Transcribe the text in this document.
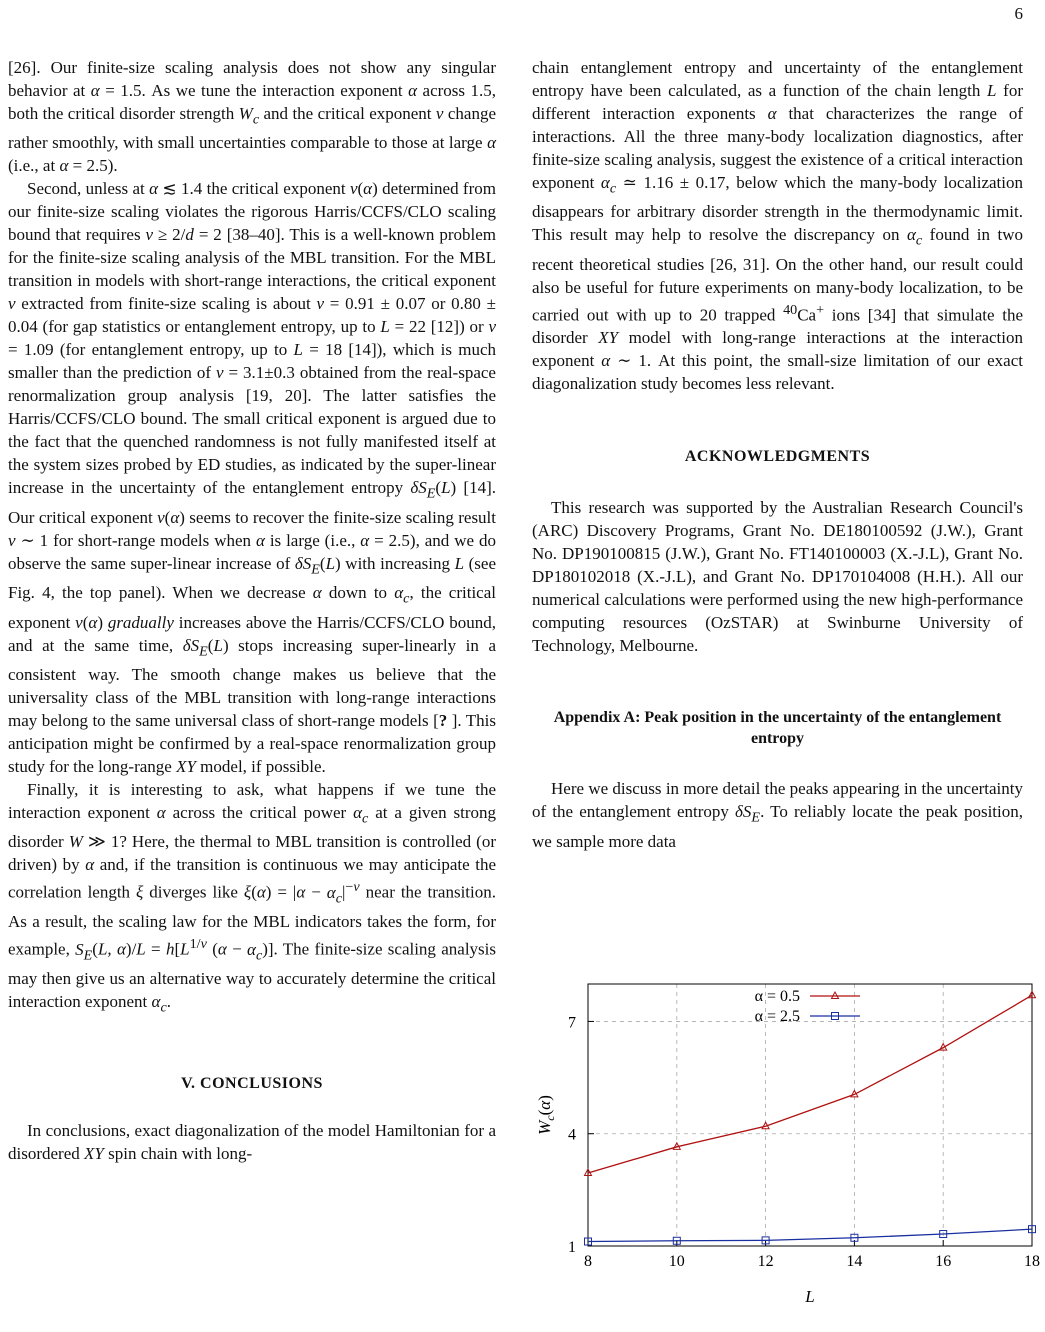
6

[26]. Our finite-size scaling analysis does not show any singular behavior at α = 1.5. As we tune the interaction exponent α across 1.5, both the critical disorder strength $W_c$ and the critical exponent ν change rather smoothly, with small uncertainties comparable to those at large α (i.e., at α = 2.5).

Second, unless at α ≲ 1.4 the critical exponent ν(α) determined from our finite-size scaling violates the rigorous Harris/CCFS/CLO scaling bound that requires ν ≥ 2/d = 2 [38–40]. This is a well-known problem for the finite-size scaling analysis of the MBL transition. For the MBL transition in models with short-range interactions, the critical exponent ν extracted from finite-size scaling is about ν = 0.91 ± 0.07 or 0.80 ± 0.04 (for gap statistics or entanglement entropy, up to L = 22 [12]) or ν = 1.09 (for entanglement entropy, up to L = 18 [14]), which is much smaller than the prediction of ν = 3.1±0.3 obtained from the real-space renormalization group analysis [19, 20]. The latter satisfies the Harris/CCFS/CLO bound. The small critical exponent is argued due to the fact that the quenched randomness is not fully manifested itself at the system sizes probed by ED studies, as indicated by the super-linear increase in the uncertainty of the entanglement entropy $\delta S_E(L)$ [14]. Our critical exponent ν(α) seems to recover the finite-size scaling result ν ∼ 1 for short-range models when α is large (i.e., α = 2.5), and we do observe the same super-linear increase of $\delta S_E(L)$ with increasing L (see Fig. 4, the top panel). When we decrease α down to $\alpha_c$, the critical exponent ν(α) gradually increases above the Harris/CCFS/CLO bound, and at the same time, $\delta S_E(L)$ stops increasing super-linearly in a consistent way. The smooth change makes us believe that the universality class of the MBL transition with long-range interactions may belong to the same universal class of short-range models [? ]. This anticipation might be confirmed by a real-space renormalization group study for the long-range XY model, if possible.

Finally, it is interesting to ask, what happens if we tune the interaction exponent α across the critical power $\alpha_c$ at a given strong disorder W ≫ 1? Here, the thermal to MBL transition is controlled (or driven) by α and, if the transition is continuous we may anticipate the correlation length ξ diverges like $\xi(\alpha) = |\alpha - \alpha_c|^{-\nu}$ near the transition. As a result, the scaling law for the MBL indicators takes the form, for example, $S_E(L$, $\alpha)/L = h[L^{1/\nu}$ $(\alpha - \alpha_c)$]. The finite-size scaling analysis may then give us an alternative way to accurately determine the critical interaction exponent $\alpha_c$.

V. CONCLUSIONS

In conclusions, exact diagonalization of the model Hamiltonian for a disordered XY spin chain with long-

chain entanglement entropy and uncertainty of the entanglement entropy have been calculated, as a function of the chain length L for different interaction exponents α that characterizes the range of interactions. All the three many-body localization diagnostics, after finite-size scaling analysis, suggest the existence of a critical interaction exponent $\alpha_c$ ≃ 1.16 ± 0.17, below which the many-body localization disappears for arbitrary disorder strength in the thermodynamic limit. This result may help to resolve the discrepancy on $\alpha_c$ found in two recent theoretical studies [26, 31]. On the other hand, our result could also be useful for future experiments on many-body localization, to be carried out with up to 20 trapped $^{40}$Ca+ ions [34] that simulate the disorder XY model with long-range interactions at the interaction exponent α ∼ 1. At this point, the small-size limitation of our exact diagonalization study becomes less relevant.

ACKNOWLEDGMENTS

This research was supported by the Australian Research Council's (ARC) Discovery Programs, Grant No. DE180100592 (J.W.), Grant No. DP190100815 (J.W.), Grant No. FT140100003 (X.-J.L), Grant No. DP180102018 (X.-J.L), and Grant No. DP170104008 (H.H.). All our numerical calculations were performed using the new high-performance computing resources (OzSTAR) at Swinburne University of Technology, Melbourne.

Appendix A: Peak position in the uncertainty of the entanglement entropy

Here we discuss in more detail the peaks appearing in the uncertainty of the entanglement entropy $\delta S_E$. To reliably locate the peak position, we sample more data

8	10	12	14	16	18
1
4
7
α = 0.5
α = 2.5
L
$W_c(\alpha)$
